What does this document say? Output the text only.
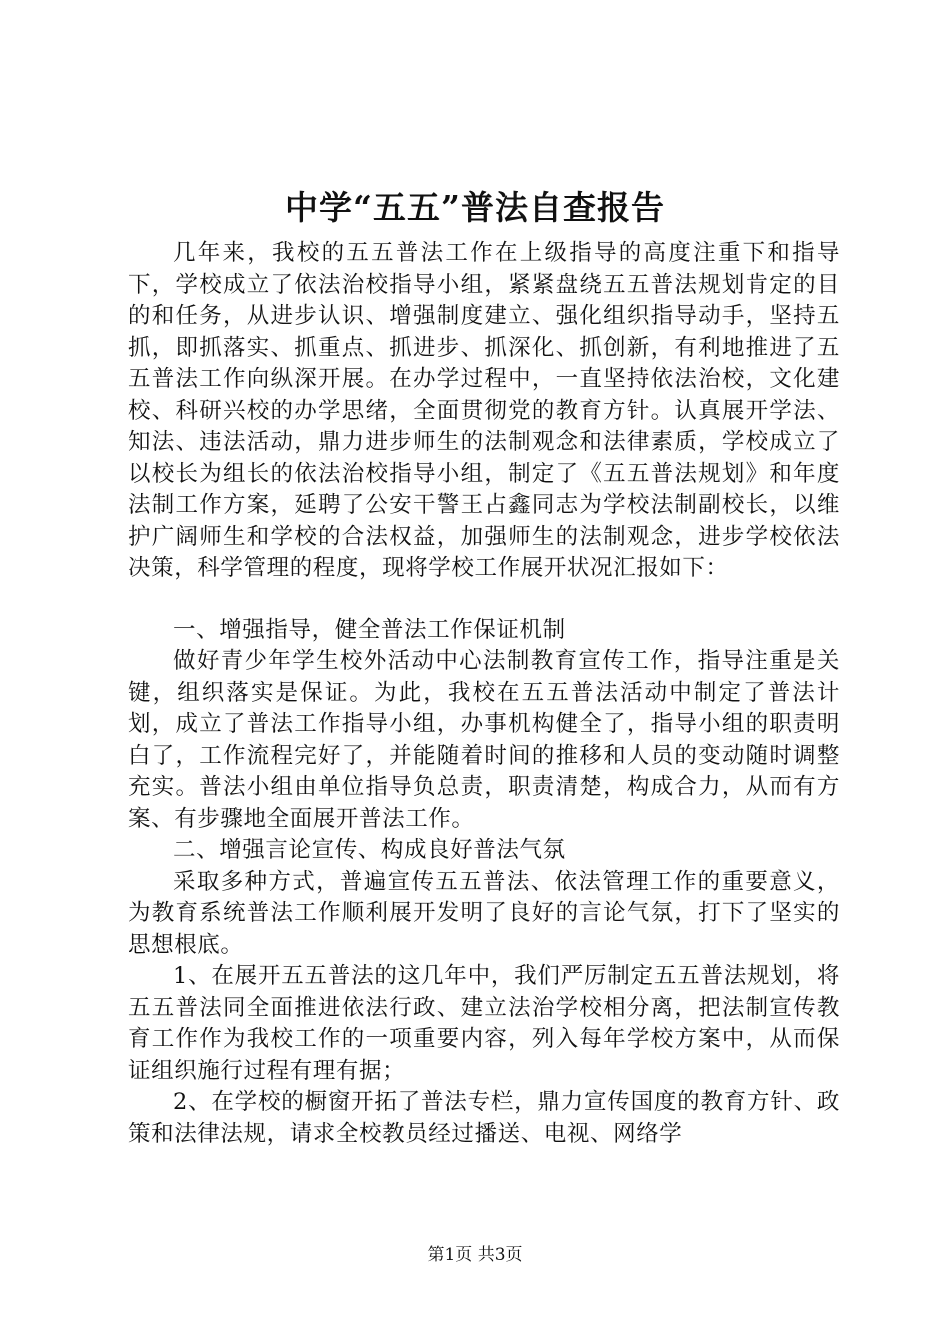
中学“五五”普法自查报告

几年来，我校的五五普法工作在上级指导的高度注重下和指导下，学校成立了依法治校指导小组，紧紧盘绕五五普法规划肯定的目的和任务，从进步认识、增强制度建立、强化组织指导动手，坚持五抓，即抓落实、抓重点、抓进步、抓深化、抓创新，有利地推进了五五普法工作向纵深开展。在办学过程中，一直坚持依法治校，文化建校、科研兴校的办学思绪，全面贯彻党的教育方针。认真展开学法、知法、违法活动，鼎力进步师生的法制观念和法律素质，学校成立了以校长为组长的依法治校指导小组，制定了《五五普法规划》和年度法制工作方案，延聘了公安干警王占鑫同志为学校法制副校长，以维护广阔师生和学校的合法权益，加强师生的法制观念，进步学校依法决策，科学管理的程度，现将学校工作展开状况汇报如下：

一、增强指导，健全普法工作保证机制

做好青少年学生校外活动中心法制教育宣传工作，指导注重是关键，组织落实是保证。为此，我校在五五普法活动中制定了普法计划，成立了普法工作指导小组，办事机构健全了，指导小组的职责明白了，工作流程完好了，并能随着时间的推移和人员的变动随时调整充实。普法小组由单位指导负总责，职责清楚，构成合力，从而有方案、有步骤地全面展开普法工作。

二、增强言论宣传、构成良好普法气氛

采取多种方式，普遍宣传五五普法、依法管理工作的重要意义，为教育系统普法工作顺利展开发明了良好的言论气氛，打下了坚实的思想根底。

1、在展开五五普法的这几年中，我们严厉制定五五普法规划，将五五普法同全面推进依法行政、建立法治学校相分离，把法制宣传教育工作作为我校工作的一项重要内容，列入每年学校方案中，从而保证组织施行过程有理有据；

2、在学校的橱窗开拓了普法专栏，鼎力宣传国度的教育方针、政策和法律法规，请求全校教员经过播送、电视、网络学

第1页 共3页
